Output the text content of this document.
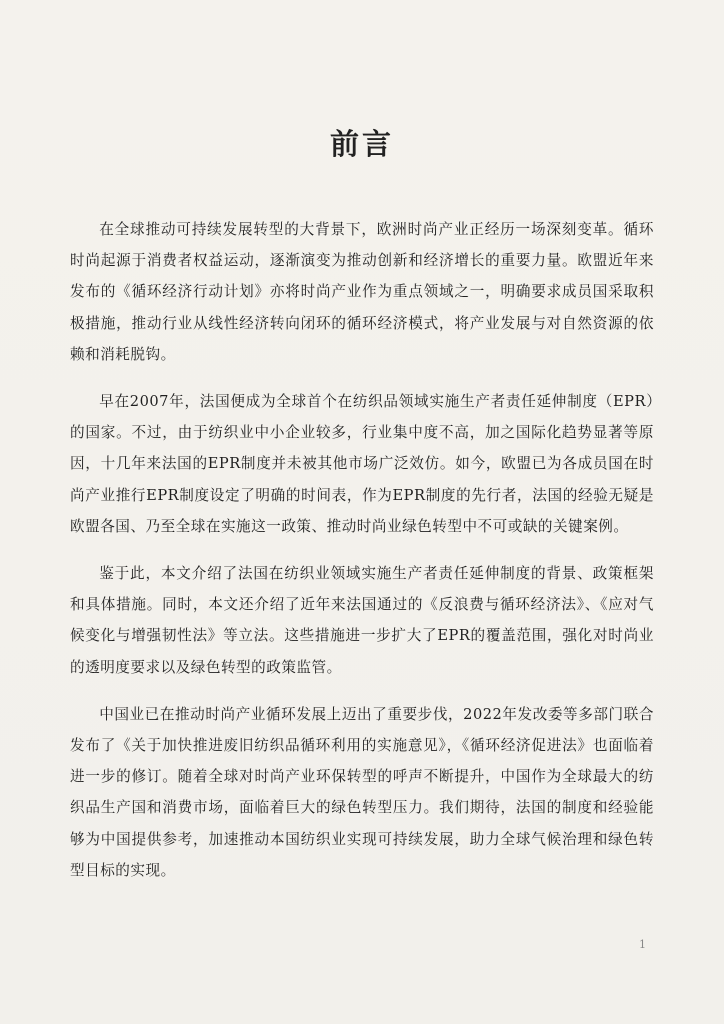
前言

在全球推动可持续发展转型的大背景下，欧洲时尚产业正经历一场深刻变革。循环时尚起源于消费者权益运动，逐渐演变为推动创新和经济增长的重要力量。欧盟近年来发布的《循环经济行动计划》亦将时尚产业作为重点领域之一，明确要求成员国采取积极措施，推动行业从线性经济转向闭环的循环经济模式，将产业发展与对自然资源的依赖和消耗脱钩。

早在2007年，法国便成为全球首个在纺织品领域实施生产者责任延伸制度（EPR）的国家。不过，由于纺织业中小企业较多，行业集中度不高，加之国际化趋势显著等原因，十几年来法国的EPR制度并未被其他市场广泛效仿。如今，欧盟已为各成员国在时尚产业推行EPR制度设定了明确的时间表，作为EPR制度的先行者，法国的经验无疑是欧盟各国、乃至全球在实施这一政策、推动时尚业绿色转型中不可或缺的关键案例。

鉴于此，本文介绍了法国在纺织业领域实施生产者责任延伸制度的背景、政策框架和具体措施。同时，本文还介绍了近年来法国通过的《反浪费与循环经济法》、《应对气候变化与增强韧性法》等立法。这些措施进一步扩大了EPR的覆盖范围，强化对时尚业的透明度要求以及绿色转型的政策监管。

中国业已在推动时尚产业循环发展上迈出了重要步伐，2022年发改委等多部门联合发布了《关于加快推进废旧纺织品循环利用的实施意见》，《循环经济促进法》也面临着进一步的修订。随着全球对时尚产业环保转型的呼声不断提升，中国作为全球最大的纺织品生产国和消费市场，面临着巨大的绿色转型压力。我们期待，法国的制度和经验能够为中国提供参考，加速推动本国纺织业实现可持续发展，助力全球气候治理和绿色转型目标的实现。

1
